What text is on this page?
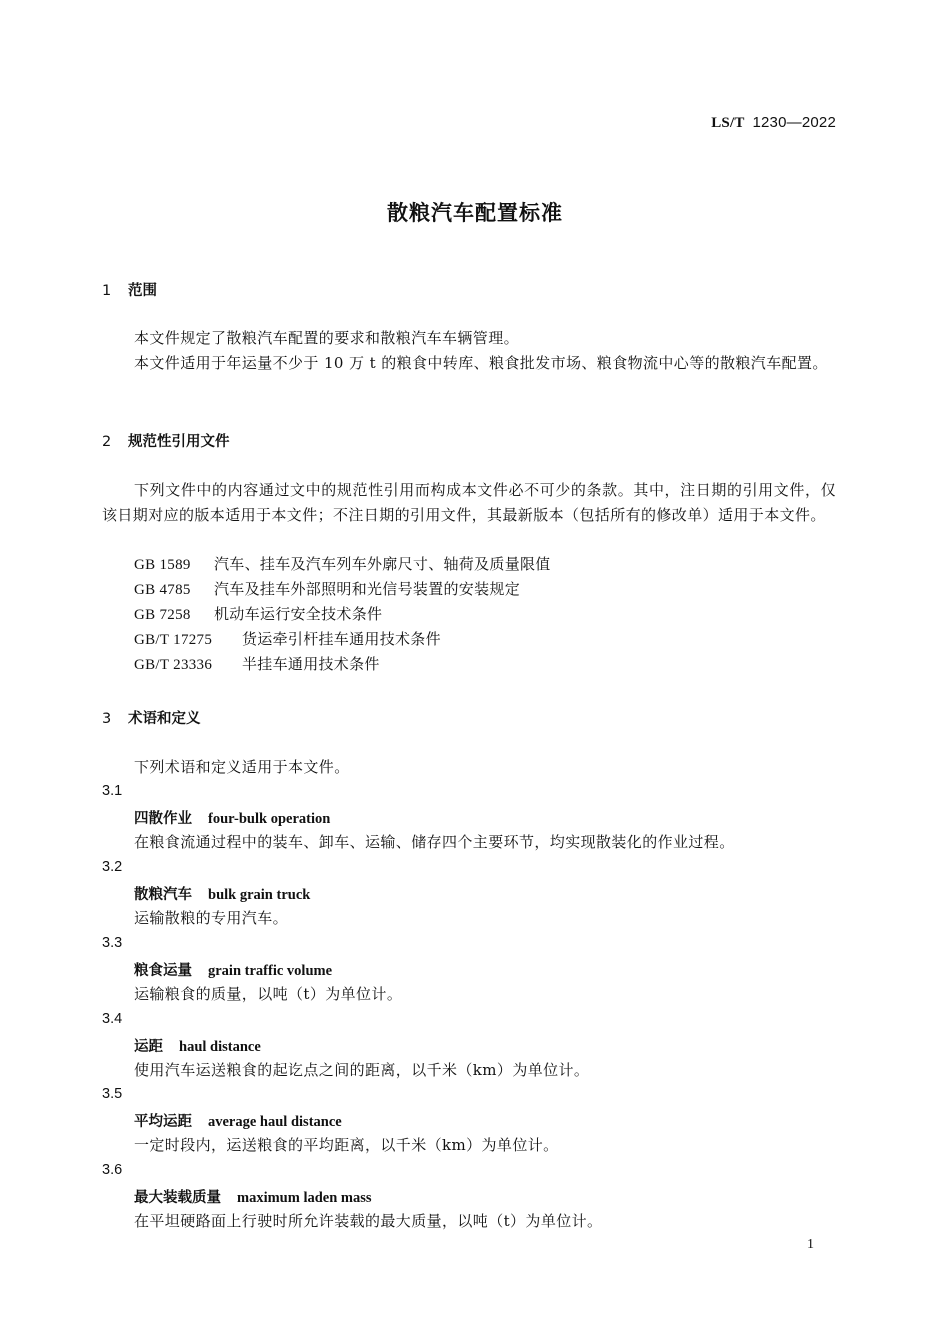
LS/T 1230—2022
散粮汽车配置标准
1 范围
本文件规定了散粮汽车配置的要求和散粮汽车车辆管理。
本文件适用于年运量不少于 10 万 t 的粮食中转库、粮食批发市场、粮食物流中心等的散粮汽车配置。
2 规范性引用文件
下列文件中的内容通过文中的规范性引用而构成本文件必不可少的条款。其中，注日期的引用文件，仅该日期对应的版本适用于本文件；不注日期的引用文件，其最新版本（包括所有的修改单）适用于本文件。
GB 1589 汽车、挂车及汽车列车外廓尺寸、轴荷及质量限值
GB 4785 汽车及挂车外部照明和光信号装置的安装规定
GB 7258 机动车运行安全技术条件
GB/T 17275 货运牵引杆挂车通用技术条件
GB/T 23336 半挂车通用技术条件
3 术语和定义
下列术语和定义适用于本文件。
3.1
四散作业 four-bulk operation
在粮食流通过程中的装车、卸车、运输、储存四个主要环节，均实现散装化的作业过程。
3.2
散粮汽车 bulk grain truck
运输散粮的专用汽车。
3.3
粮食运量 grain traffic volume
运输粮食的质量，以吨（t）为单位计。
3.4
运距 haul distance
使用汽车运送粮食的起讫点之间的距离，以千米（km）为单位计。
3.5
平均运距 average haul distance
一定时段内，运送粮食的平均距离，以千米（km）为单位计。
3.6
最大装载质量 maximum laden mass
在平坦硬路面上行驶时所允许装载的最大质量，以吨（t）为单位计。
1
